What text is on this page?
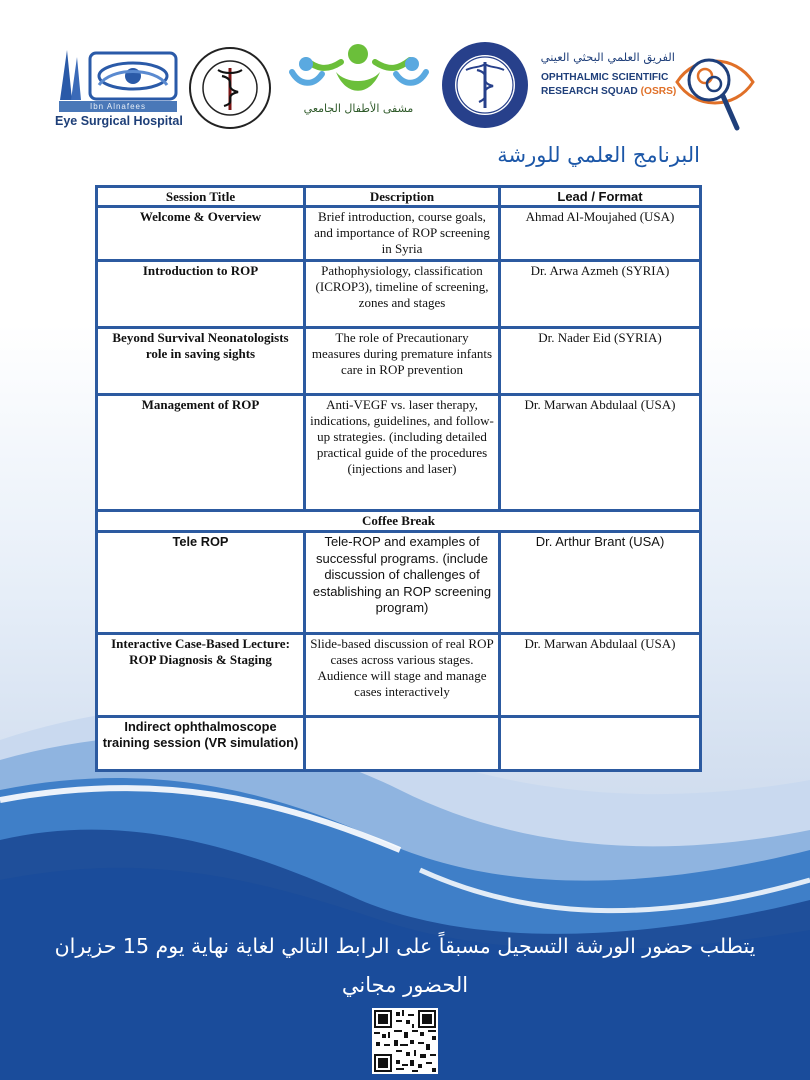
Ibn Alnafees
Eye Surgical Hospital
مشفى الأطفال الجامعي
الفريق العلمي البحثي العيني
OPHTHALMIC SCIENTIFIC
RESEARCH SQUAD (OSRS)
البرنامج العلمي للورشة
Session Title	Description	Lead / Format
Welcome & Overview	Brief introduction, course goals, and importance of ROP screening in Syria	Ahmad Al-Moujahed (USA)
Introduction to ROP	Pathophysiology, classification (ICROP3), timeline of screening, zones and stages	Dr. Arwa Azmeh (SYRIA)
Beyond Survival Neonatologists role in saving sights	The role of Precautionary measures during premature infants care in ROP prevention	Dr. Nader Eid (SYRIA)
Management of ROP	Anti-VEGF vs. laser therapy, indications, guidelines, and follow-up strategies. (including detailed practical guide of the procedures (injections and laser)	Dr. Marwan Abdulaal (USA)
Coffee Break		
Tele ROP	Tele-ROP and examples of successful programs. (include discussion of challenges of establishing an ROP screening program)	Dr. Arthur Brant (USA)
Interactive Case-Based Lecture: ROP Diagnosis & Staging	Slide-based discussion of real ROP cases across various stages. Audience will stage and manage cases interactively	Dr. Marwan Abdulaal (USA)
Indirect ophthalmoscope training session (VR simulation)		
يتطلب حضور الورشة التسجيل مسبقاً على الرابط التالي لغاية نهاية يوم 15 حزيران
الحضور مجاني
